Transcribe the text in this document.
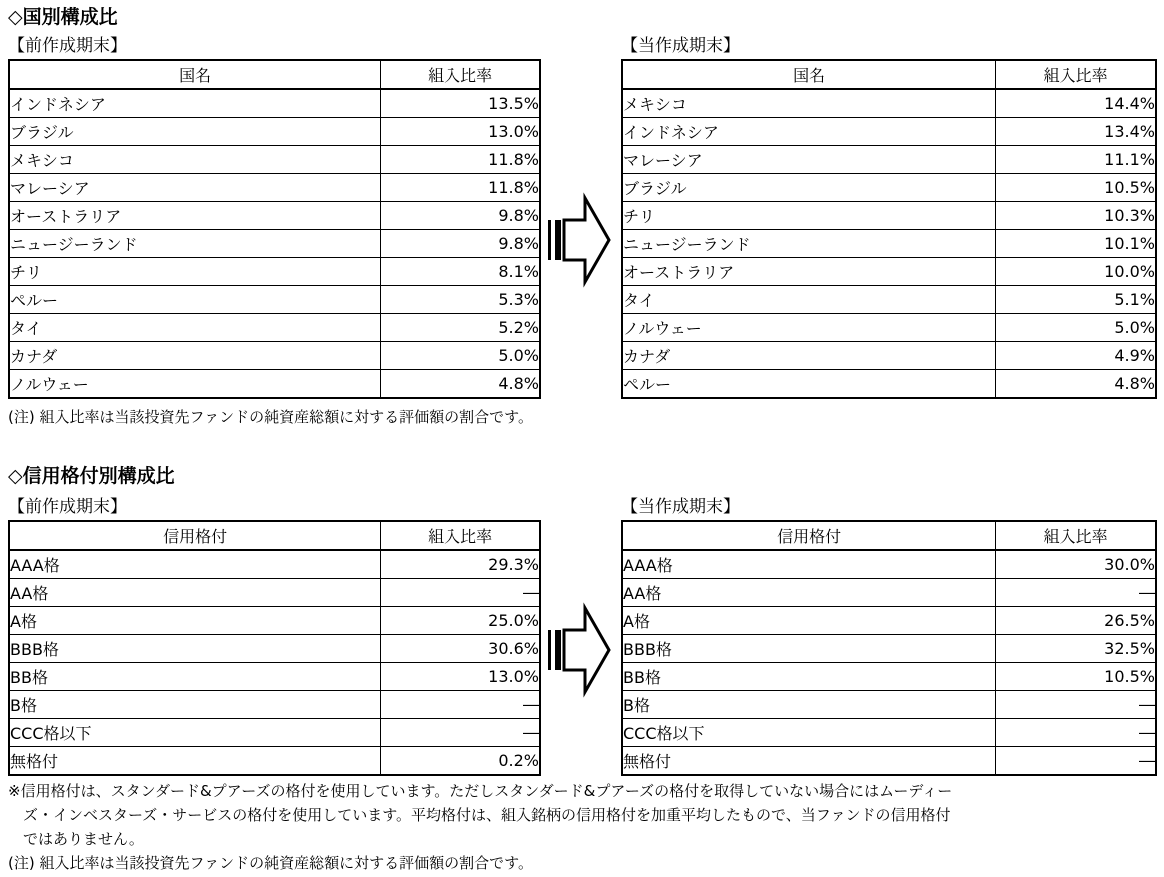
◇国別構成比
【前作成期末】	【当作成期末】
国名	組入比率
インドネシア	13.5%
ブラジル	13.0%
メキシコ	11.8%
マレーシア	11.8%
オーストラリア	9.8%
ニュージーランド	9.8%
チリ	8.1%
ペルー	5.3%
タイ	5.2%
カナダ	5.0%
ノルウェー	4.8%
国名	組入比率
メキシコ	14.4%
インドネシア	13.4%
マレーシア	11.1%
ブラジル	10.5%
チリ	10.3%
ニュージーランド	10.1%
オーストラリア	10.0%
タイ	5.1%
ノルウェー	5.0%
カナダ	4.9%
ペルー	4.8%
(注) 組入比率は当該投資先ファンドの純資産総額に対する評価額の割合です。
◇信用格付別構成比
【前作成期末】	【当作成期末】
信用格付	組入比率
AAA格	29.3%
AA格	―
A格	25.0%
BBB格	30.6%
BB格	13.0%
B格	―
CCC格以下	―
無格付	0.2%
信用格付	組入比率
AAA格	30.0%
AA格	―
A格	26.5%
BBB格	32.5%
BB格	10.5%
B格	―
CCC格以下	―
無格付	―
※信用格付は、スタンダード&プアーズの格付を使用しています。ただしスタンダード&プアーズの格付を取得していない場合にはムーディー
ズ・インベスターズ・サービスの格付を使用しています。平均格付は、組入銘柄の信用格付を加重平均したもので、当ファンドの信用格付
ではありません。
(注) 組入比率は当該投資先ファンドの純資産総額に対する評価額の割合です。
